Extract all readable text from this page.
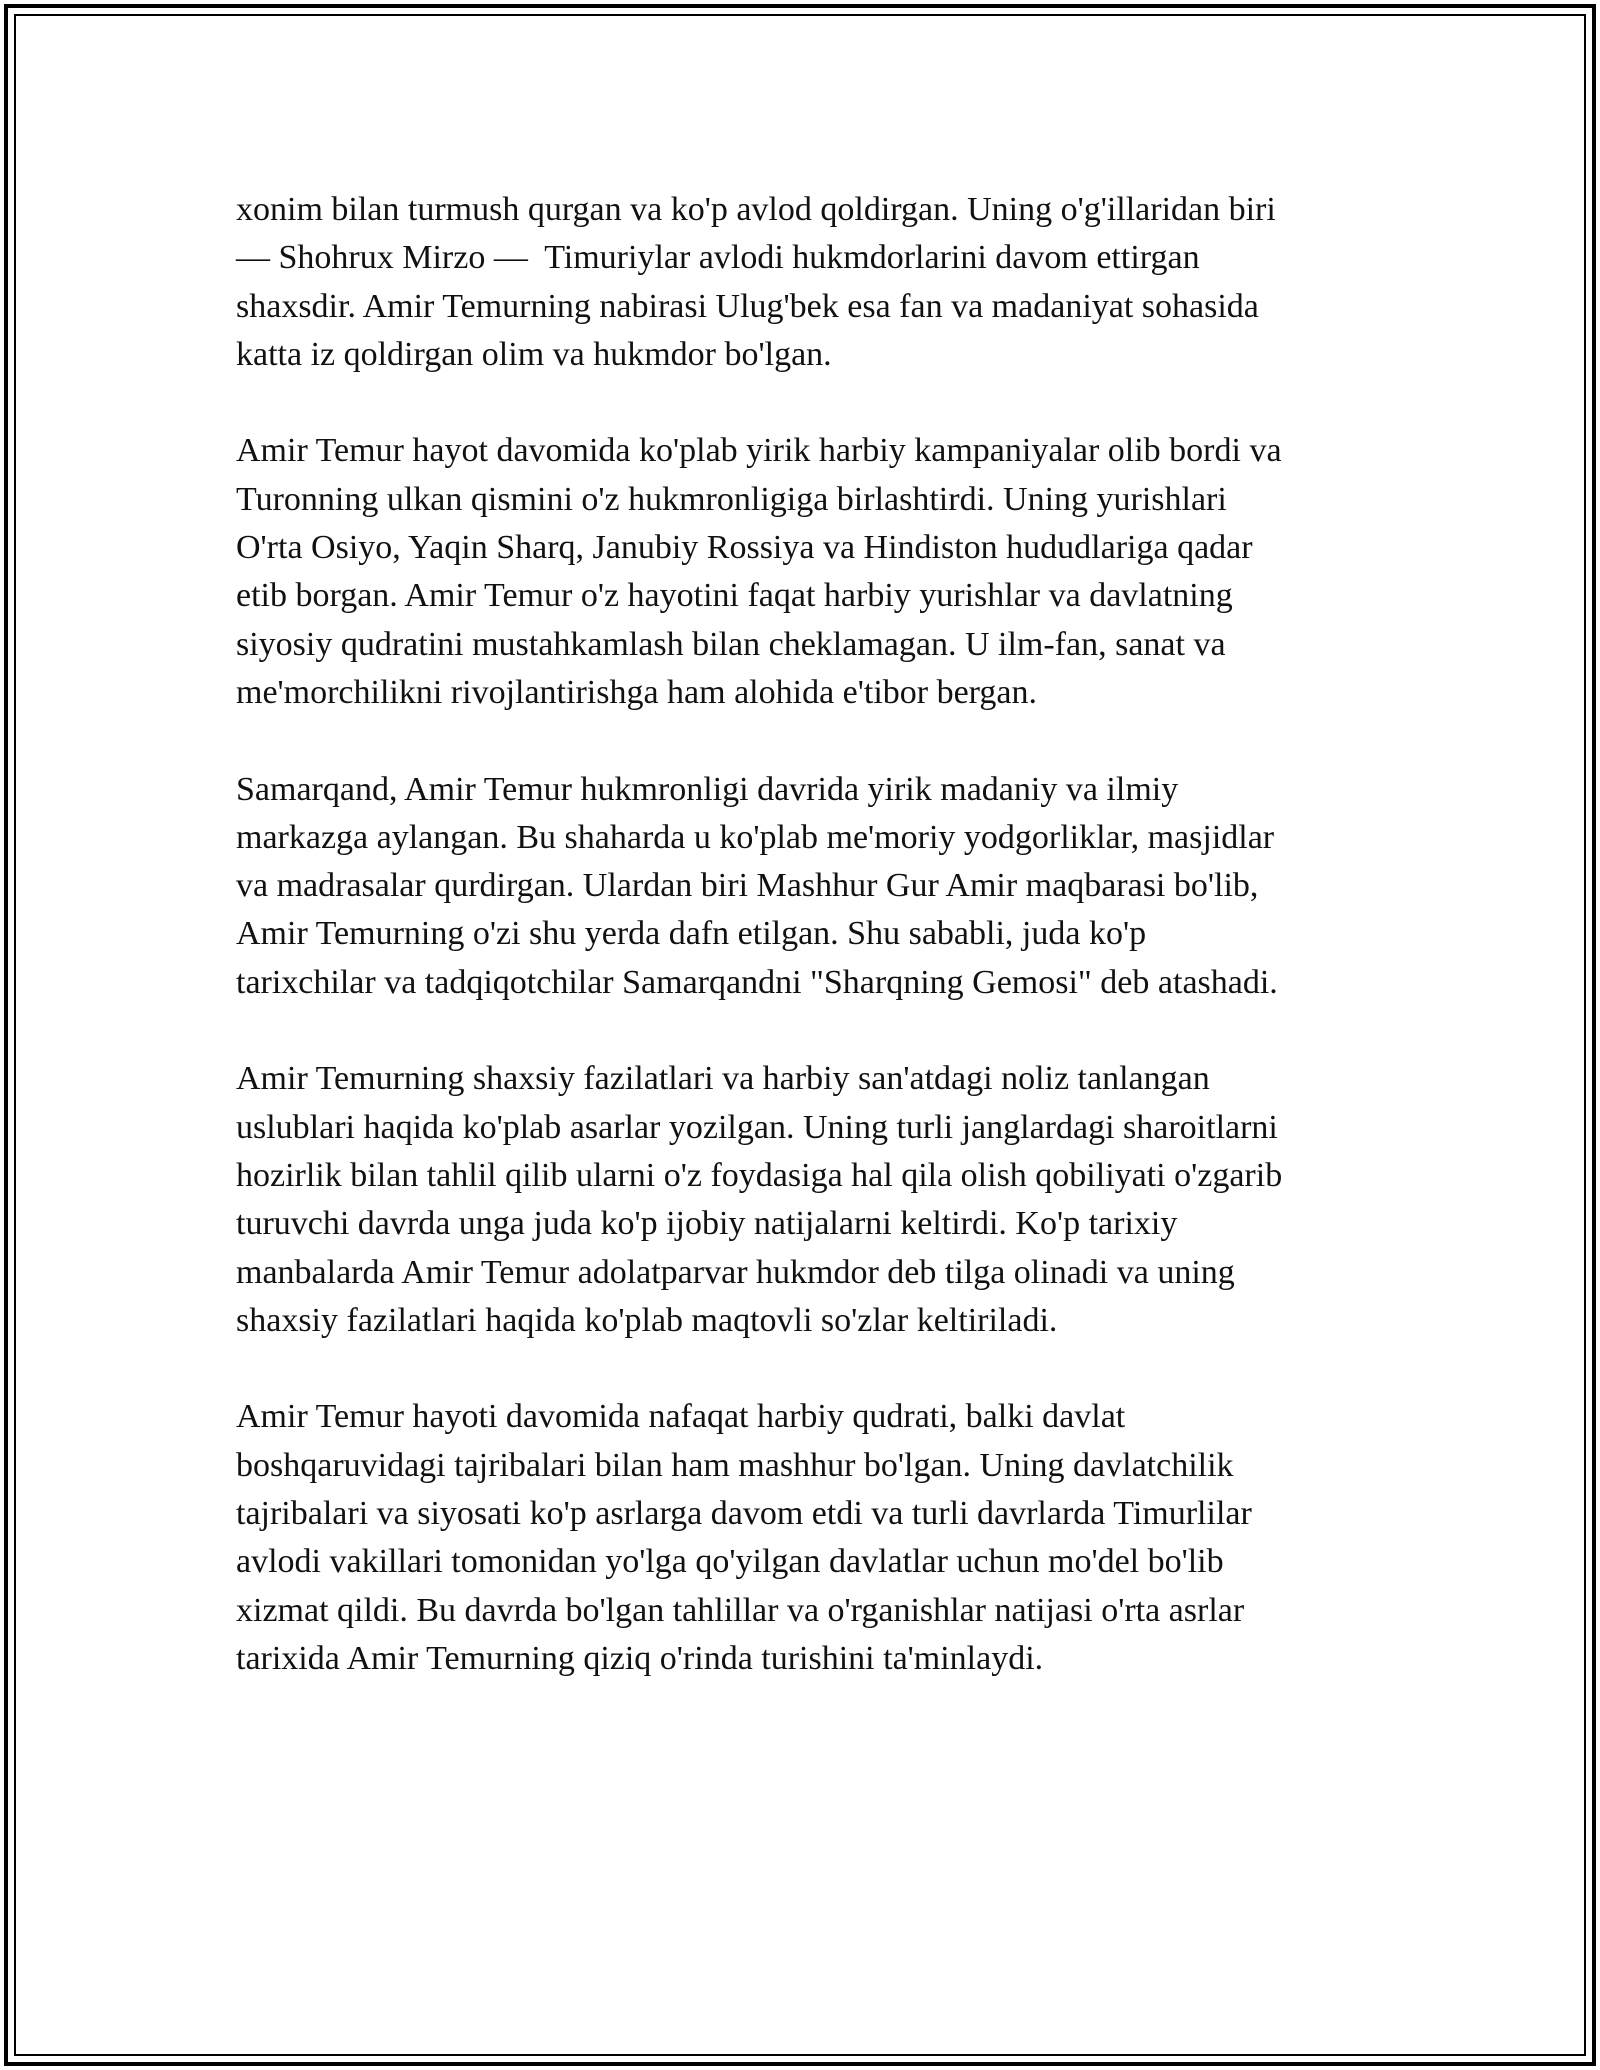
xonim bilan turmush qurgan va ko'p avlod qoldirgan. Uning o'g'illaridan biri
— Shohrux Mirzo —  Timuriylar avlodi hukmdorlarini davom ettirgan
shaxsdir. Amir Temurning nabirasi Ulug'bek esa fan va madaniyat sohasida
katta iz qoldirgan olim va hukmdor bo'lgan.

Amir Temur hayot davomida ko'plab yirik harbiy kampaniyalar olib bordi va
Turonning ulkan qismini o'z hukmronligiga birlashtirdi. Uning yurishlari
O'rta Osiyo, Yaqin Sharq, Janubiy Rossiya va Hindiston hududlariga qadar
etib borgan. Amir Temur o'z hayotini faqat harbiy yurishlar va davlatning
siyosiy qudratini mustahkamlash bilan cheklamagan. U ilm-fan, sanat va
me'morchilikni rivojlantirishga ham alohida e'tibor bergan.

Samarqand, Amir Temur hukmronligi davrida yirik madaniy va ilmiy
markazga aylangan. Bu shaharda u ko'plab me'moriy yodgorliklar, masjidlar
va madrasalar qurdirgan. Ulardan biri Mashhur Gur Amir maqbarasi bo'lib,
Amir Temurning o'zi shu yerda dafn etilgan. Shu sababli, juda ko'p
tarixchilar va tadqiqotchilar Samarqandni "Sharqning Gemosi" deb atashadi.

Amir Temurning shaxsiy fazilatlari va harbiy san'atdagi noliz tanlangan
uslublari haqida ko'plab asarlar yozilgan. Uning turli janglardagi sharoitlarni
hozirlik bilan tahlil qilib ularni o'z foydasiga hal qila olish qobiliyati o'zgarib
turuvchi davrda unga juda ko'p ijobiy natijalarni keltirdi. Ko'p tarixiy
manbalarda Amir Temur adolatparvar hukmdor deb tilga olinadi va uning
shaxsiy fazilatlari haqida ko'plab maqtovli so'zlar keltiriladi.

Amir Temur hayoti davomida nafaqat harbiy qudrati, balki davlat
boshqaruvidagi tajribalari bilan ham mashhur bo'lgan. Uning davlatchilik
tajribalari va siyosati ko'p asrlarga davom etdi va turli davrlarda Timurlilar
avlodi vakillari tomonidan yo'lga qo'yilgan davlatlar uchun mo'del bo'lib
xizmat qildi. Bu davrda bo'lgan tahlillar va o'rganishlar natijasi o'rta asrlar
tarixida Amir Temurning qiziq o'rinda turishini ta'minlaydi.
